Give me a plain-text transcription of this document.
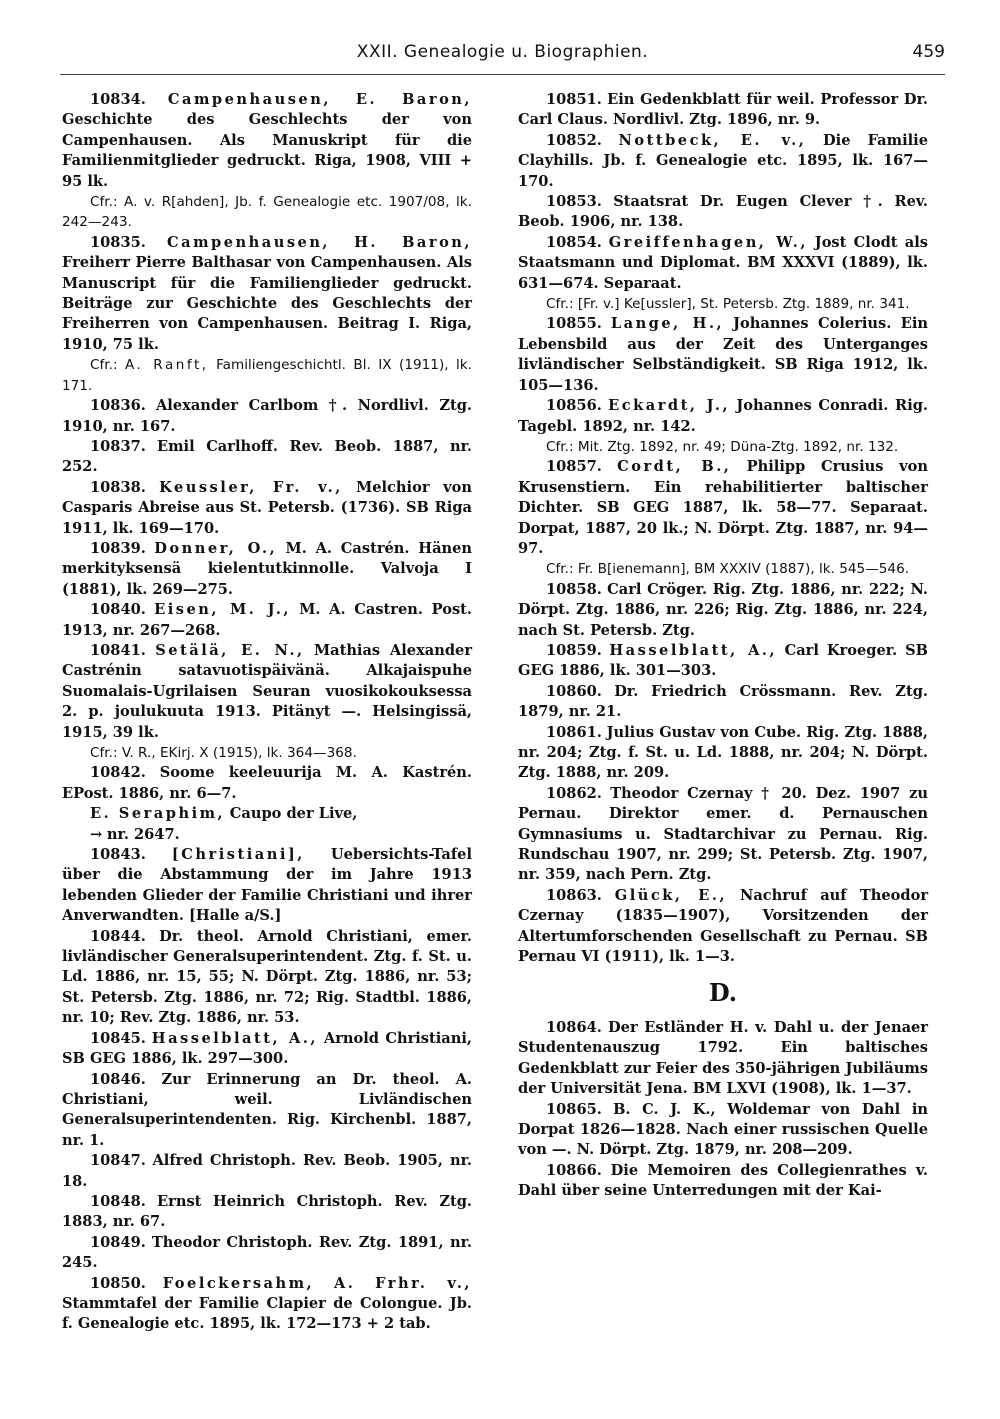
XXII. Genealogie u. Biographien.	459

10834. Campenhausen, E. Baron, Geschichte des Geschlechts der von Campenhausen. Als Manuskript für die Familienmitglieder gedruckt. Riga, 1908, VIII + 95 lk.

Cfr.: A. v. R[ahden], Jb. f. Genealogie etc. 1907/08, lk. 242—243.

10835. Campenhausen, H. Baron, Freiherr Pierre Balthasar von Campenhausen. Als Manuscript für die Familienglieder gedruckt. Beiträge zur Geschichte des Geschlechts der Freiherren von Campenhausen. Beitrag I. Riga, 1910, 75 lk.

Cfr.: A. Ranft, Familiengeschichtl. Bl. IX (1911), lk. 171.

10836. Alexander Carlbom †. Nordlivl. Ztg. 1910, nr. 167.

10837. Emil Carlhoff. Rev. Beob. 1887, nr. 252.

10838. Keussler, Fr. v., Melchior von Casparis Abreise aus St. Petersb. (1736). SB Riga 1911, lk. 169—170.

10839. Donner, O., M. A. Castrén. Hänen merkityksensä kielentutkinnolle. Valvoja I (1881), lk. 269—275.

10840. Eisen, M. J., M. A. Castren. Post. 1913, nr. 267—268.

10841. Setälä, E. N., Mathias Alexander Castrénin satavuotispäivänä. Alkajaispuhe Suomalais-Ugrilaisen Seuran vuosikokouksessa 2. p. joulukuuta 1913. Pitänyt —. Helsingissä, 1915, 39 lk.

Cfr.: V. R., EKirj. X (1915), lk. 364—368.

10842. Soome keeleuurija M. A. Kastrén. EPost. 1886, nr. 6—7.

E. Seraphim, Caupo der Live,

→ nr. 2647.

10843. [Christiani], Uebersichts-Tafel über die Abstammung der im Jahre 1913 lebenden Glieder der Familie Christiani und ihrer Anverwandten. [Halle a/S.]

10844. Dr. theol. Arnold Christiani, emer. livländischer Generalsuperintendent. Ztg. f. St. u. Ld. 1886, nr. 15, 55; N. Dörpt. Ztg. 1886, nr. 53; St. Petersb. Ztg. 1886, nr. 72; Rig. Stadtbl. 1886, nr. 10; Rev. Ztg. 1886, nr. 53.

10845. Hasselblatt, A., Arnold Christiani, SB GEG 1886, lk. 297—300.

10846. Zur Erinnerung an Dr. theol. A. Christiani, weil. Livländischen Generalsuperintendenten. Rig. Kirchenbl. 1887, nr. 1.

10847. Alfred Christoph. Rev. Beob. 1905, nr. 18.

10848. Ernst Heinrich Christoph. Rev. Ztg. 1883, nr. 67.

10849. Theodor Christoph. Rev. Ztg. 1891, nr. 245.

10850. Foelckersahm, A. Frhr. v., Stammtafel der Familie Clapier de Colongue. Jb. f. Genealogie etc. 1895, lk. 172—173 + 2 tab.

10851. Ein Gedenkblatt für weil. Professor Dr. Carl Claus. Nordlivl. Ztg. 1896, nr. 9.

10852. Nottbeck, E. v., Die Familie Clayhills. Jb. f. Genealogie etc. 1895, lk. 167—170.

10853. Staatsrat Dr. Eugen Clever †. Rev. Beob. 1906, nr. 138.

10854. Greiffenhagen, W., Jost Clodt als Staatsmann und Diplomat. BM XXXVI (1889), lk. 631—674. Separaat.

Cfr.: [Fr. v.] Ke[ussler], St. Petersb. Ztg. 1889, nr. 341.

10855. Lange, H., Johannes Colerius. Ein Lebensbild aus der Zeit des Unterganges livländischer Selbständigkeit. SB Riga 1912, lk. 105—136.

10856. Eckardt, J., Johannes Conradi. Rig. Tagebl. 1892, nr. 142.

Cfr.: Mit. Ztg. 1892, nr. 49; Düna-Ztg. 1892, nr. 132.

10857. Cordt, B., Philipp Crusius von Krusenstiern. Ein rehabilitierter baltischer Dichter. SB GEG 1887, lk. 58—77. Separaat. Dorpat, 1887, 20 lk.; N. Dörpt. Ztg. 1887, nr. 94—97.

Cfr.: Fr. B[ienemann], BM XXXIV (1887), lk. 545—546.

10858. Carl Cröger. Rig. Ztg. 1886, nr. 222; N. Dörpt. Ztg. 1886, nr. 226; Rig. Ztg. 1886, nr. 224, nach St. Petersb. Ztg.

10859. Hasselblatt, A., Carl Kroeger. SB GEG 1886, lk. 301—303.

10860. Dr. Friedrich Crössmann. Rev. Ztg. 1879, nr. 21.

10861. Julius Gustav von Cube. Rig. Ztg. 1888, nr. 204; Ztg. f. St. u. Ld. 1888, nr. 204; N. Dörpt. Ztg. 1888, nr. 209.

10862. Theodor Czernay † 20. Dez. 1907 zu Pernau. Direktor emer. d. Pernauschen Gymnasiums u. Stadtarchivar zu Pernau. Rig. Rundschau 1907, nr. 299; St. Petersb. Ztg. 1907, nr. 359, nach Pern. Ztg.

10863. Glück, E., Nachruf auf Theodor Czernay (1835—1907), Vorsitzenden der Altertumforschenden Gesellschaft zu Pernau. SB Pernau VI (1911), lk. 1—3.

D.

10864. Der Estländer H. v. Dahl u. der Jenaer Studentenauszug 1792. Ein baltisches Gedenkblatt zur Feier des 350-jährigen Jubiläums der Universität Jena. BM LXVI (1908), lk. 1—37.

10865. B. C. J. K., Woldemar von Dahl in Dorpat 1826—1828. Nach einer russischen Quelle von —. N. Dörpt. Ztg. 1879, nr. 208—209.

10866. Die Memoiren des Collegienrathes v. Dahl über seine Unterredungen mit der Kai-
